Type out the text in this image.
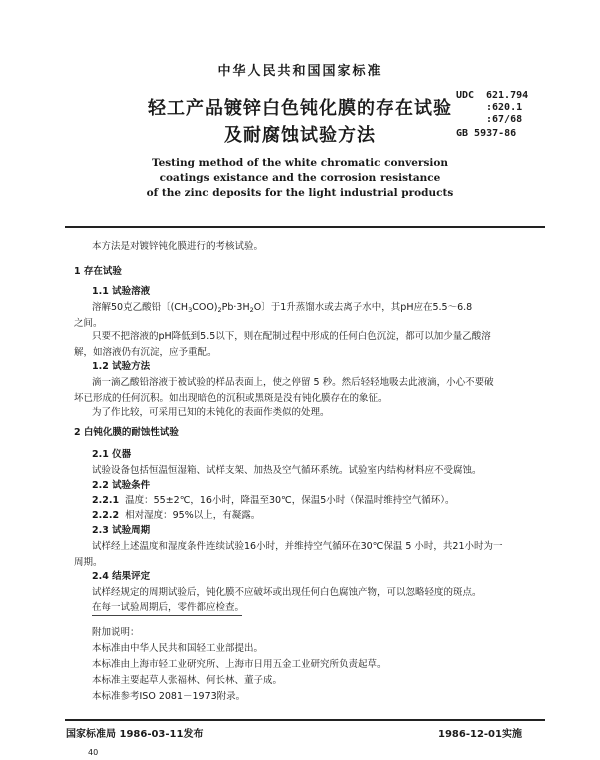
中华人民共和国国家标准
轻工产品镀锌白色钝化膜的存在试验
及耐腐蚀试验方法
UDC 621.794
:620.1
:67/68
GB 5937-86
Testing method of the white chromatic conversion
coatings existance and the corrosion resistance
of the zinc deposits for the light industrial products
本方法是对镀锌钝化膜进行的考核试验。
1 存在试验
1.1 试验溶液
溶解50克乙酸铅〔$(CH_3COO)_2Pb\cdot 3H_2O$〕于1升蒸馏水或去离子水中，其pH应在5.5～6.8
之间。
只要不把溶液的pH降低到5.5以下，则在配制过程中形成的任何白色沉淀，都可以加少量乙酸溶
解，如溶液仍有沉淀，应予重配。
1.2 试验方法
滴一滴乙酸铅溶液于被试验的样品表面上，使之停留 5 秒。然后轻轻地吸去此液滴，小心不要破
坏已形成的任何沉积。如出现暗色的沉积或黑斑是没有钝化膜存在的象征。
为了作比较，可采用已知的未钝化的表面作类似的处理。
2 白钝化膜的耐蚀性试验
2.1 仪器
试验设备包括恒温恒湿箱、试样支架、加热及空气循环系统。试验室内结构材料应不受腐蚀。
2.2 试验条件
2.2.1 温度：55±2℃，16小时，降温至30℃，保温5小时（保温时维持空气循环）。
2.2.2 相对湿度：95%以上，有凝露。
2.3 试验周期
试样经上述温度和湿度条件连续试验16小时，并维持空气循环在30℃保温 5 小时，共21小时为一
周期。
2.4 结果评定
试样经规定的周期试验后，钝化膜不应破坏或出现任何白色腐蚀产物，可以忽略轻度的斑点。
在每一试验周期后，零件都应检查。
附加说明：
本标准由中华人民共和国轻工业部提出。
本标准由上海市轻工业研究所、上海市日用五金工业研究所负责起草。
本标准主要起草人张福林、何长林、董子成。
本标准参考ISO 2081－1973附录。
国家标准局 1986-03-11发布	1986-12-01实施
40
